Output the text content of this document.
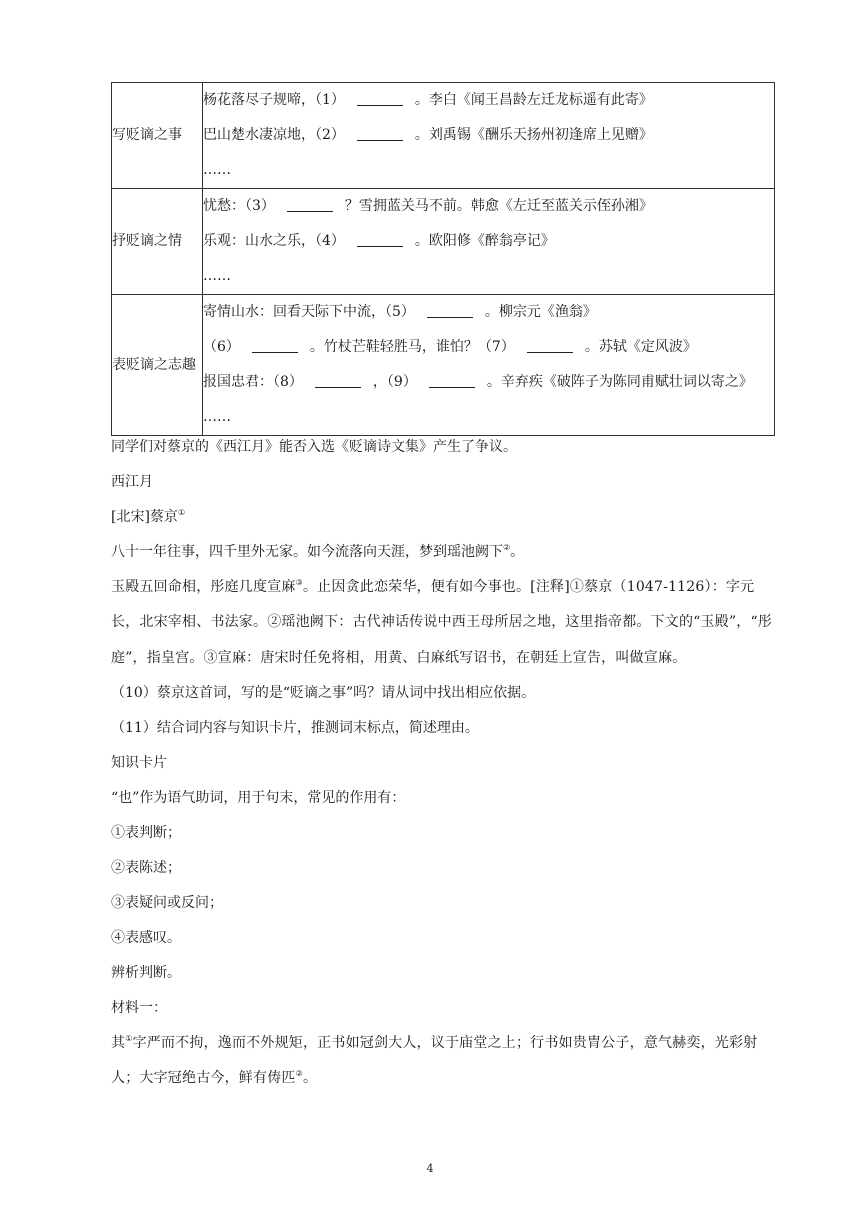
写贬谪之事	杨花落尽子规啼，（1） 。李白《闻王昌龄左迁龙标遥有此寄》
巴山楚水凄凉地，（2） 。刘禹锡《酬乐天扬州初逢席上见赠》
……

抒贬谪之情	忧愁：（3） ？雪拥蓝关马不前。韩愈《左迁至蓝关示侄孙湘》
乐观：山水之乐，（4） 。欧阳修《醉翁亭记》
……

表贬谪之志趣	寄情山水：回看天际下中流，（5） 。柳宗元《渔翁》
（6） 。竹杖芒鞋轻胜马，谁怕？（7） 。苏轼《定风波》
报国忠君：（8） ，（9） 。辛弃疾《破阵子为陈同甫赋壮词以寄之》
……
同学们对蔡京的《西江月》能否入选《贬谪诗文集》产生了争议。
西江月
[北宋]蔡京①
八十一年往事，四千里外无家。如今流落向天涯，梦到瑶池阙下②。
玉殿五回命相，彤庭几度宣麻③。止因贪此恋荣华，便有如今事也。[注释]①蔡京（1047-1126）：字元长，北宋宰相、书法家。②瑶池阙下：古代神话传说中西王母所居之地，这里指帝都。下文的“玉殿”，“彤庭”，指皇宫。③宣麻：唐宋时任免将相，用黄、白麻纸写诏书，在朝廷上宣告，叫做宣麻。
（10）蔡京这首词，写的是“贬谪之事”吗？请从词中找出相应依据。
（11）结合词内容与知识卡片，推测词末标点，简述理由。
知识卡片
“也”作为语气助词，用于句末，常见的作用有：
①表判断；
②表陈述；
③表疑问或反问；
④表感叹。
辨析判断。
材料一：
其①字严而不拘，逸而不外规矩，正书如冠剑大人，议于庙堂之上；行书如贵胄公子，意气赫奕，光彩射人；大字冠绝古今，鲜有俦匹②。
4
